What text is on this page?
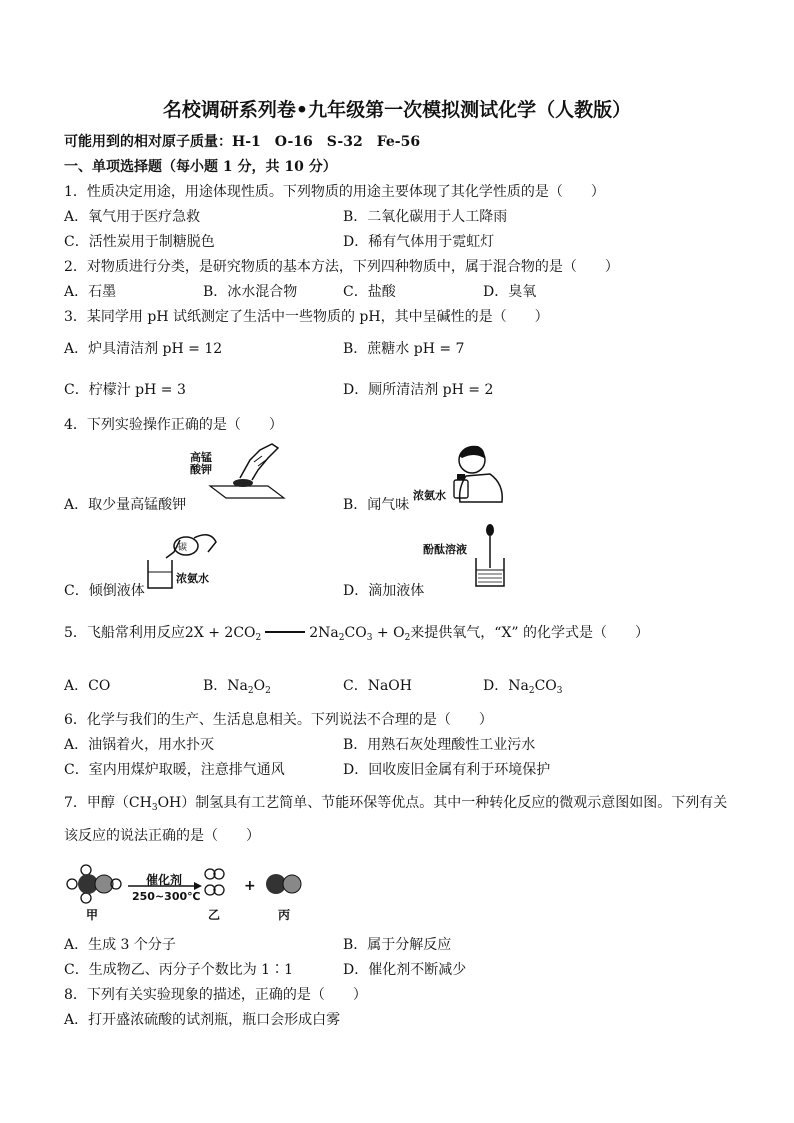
名校调研系列卷•九年级第一次模拟测试化学（人教版）
可能用到的相对原子质量：H-1　O-16　S-32　Fe-56
一、单项选择题（每小题 1 分，共 10 分）
1．性质决定用途，用途体现性质。下列物质的用途主要体现了其化学性质的是（　　）
A．氧气用于医疗急救	B．二氧化碳用于人工降雨
C．活性炭用于制糖脱色	D．稀有气体用于霓虹灯
2．对物质进行分类，是研究物质的基本方法，下列四种物质中，属于混合物的是（　　）
A．石墨	B．冰水混合物	C．盐酸	D．臭氧
3．某同学用 pH 试纸测定了生活中一些物质的 pH，其中呈碱性的是（　　）
A．炉具清洁剂 pH = 12	B．蔗糖水 pH = 7
C．柠檬汁 pH = 3	D．厕所清洁剂 pH = 2
4．下列实验操作正确的是（　　）
A．取少量高锰酸钾	B．闻气味
C．倾倒液体	D．滴加液体
高锰
酸钾
浓氨水
碳
浓氨水
酚酞溶液
5．飞船常利用反应$2X + 2CO_2$	$2Na_2CO_3 + O_2$来提供氧气，“X” 的化学式是（　　）
A．CO	B．$Na_2O_2$	C．NaOH	D．$Na_2CO_3$
6．化学与我们的生产、生活息息相关。下列说法不合理的是（　　）
A．油锅着火，用水扑灭	B．用熟石灰处理酸性工业污水
C．室内用煤炉取暖，注意排气通风	D．回收废旧金属有利于环境保护
7．甲醇$(CH_3OH)$制氢具有工艺简单、节能环保等优点。其中一种转化反应的微观示意图如图。下列有关
该反应的说法正确的是（　　）
+
催化剂
250~300℃
甲	乙	丙
A．生成 3 个分子	B．属于分解反应
C．生成物乙、丙分子个数比为 1∶1	D．催化剂不断减少
8．下列有关实验现象的描述，正确的是（　　）
A．打开盛浓硫酸的试剂瓶，瓶口会形成白雾
